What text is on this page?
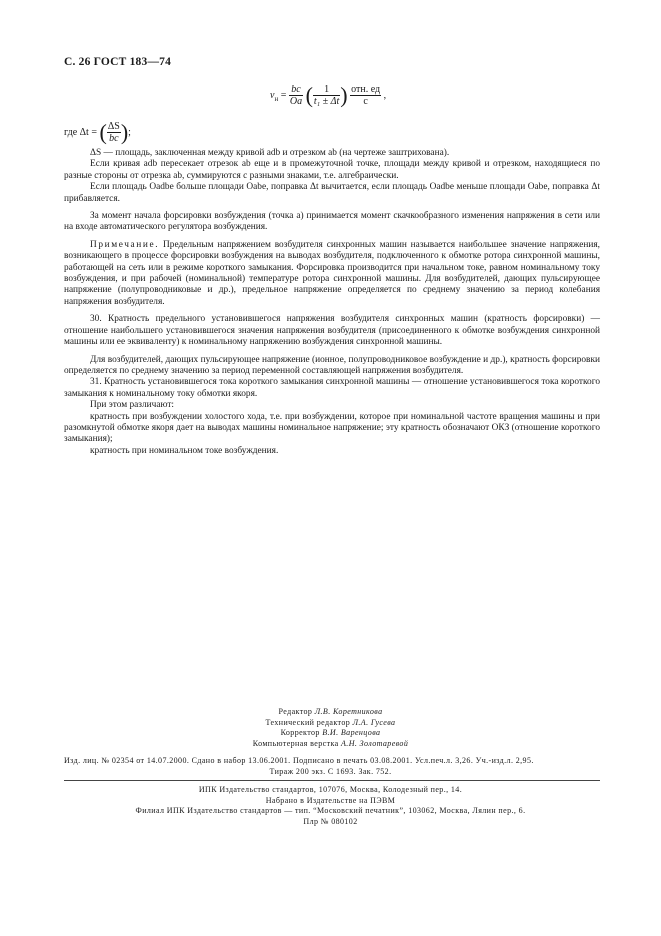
С. 26 ГОСТ 183—74
$v_н = \frac{bc}{Oa}$ ( $\frac{1}{\text{t₁ ± Δt}}$ ) $\frac{\text{отн. ед}}{с}$ ,
где Δt = ( $\frac{\Delta S}{bc}$ );

ΔS — площадь, заключенная между кривой adb и отрезком ab (на чертеже заштрихована).

Если кривая adb пересекает отрезок ab еще и в промежуточной точке, площади между кривой и отрезком, находящиеся по разные стороны от отрезка ab, суммируются с разными знаками, т.е. алгебраически.

Если площадь Oadbe больше площади Oabe, поправка Δt вычитается, если площадь Oadbe меньше площади Oabe, поправка Δt прибавляется.

За момент начала форсировки возбуждения (точка a) принимается момент скачкообразного изменения напряжения в сети или на входе автоматического регулятора возбуждения.

Примечание. Предельным напряжением возбудителя синхронных машин называется наибольшее значение напряжения, возникающего в процессе форсировки возбуждения на выводах возбудителя, подключенного к обмотке ротора синхронной машины, работающей на сеть или в режиме короткого замыкания. Форсировка производится при начальном токе, равном номинальному току возбуждения, и при рабочей (номинальной) температуре ротора синхронной машины. Для возбудителей, дающих пульсирующее напряжение (полупроводниковые и др.), предельное напряжение определяется по среднему значению за период колебания напряжения возбудителя.

30. Кратность предельного установившегося напряжения возбудителя синхронных машин (кратность форсировки) — отношение наибольшего установившегося значения напряжения возбудителя (присоединенного к обмотке возбуждения синхронной машины или ее эквиваленту) к номинальному напряжению возбуждения синхронной машины.

Для возбудителей, дающих пульсирующее напряжение (ионное, полупроводниковое возбуждение и др.), кратность форсировки определяется по среднему значению за период переменной составляющей напряжения возбудителя.

31. Кратность установившегося тока короткого замыкания синхронной машины — отношение установившегося тока короткого замыкания к номинальному току обмотки якоря.

При этом различают:

кратность при возбуждении холостого хода, т.е. при возбуждении, которое при номинальной частоте вращения машины и при разомкнутой обмотке якоря дает на выводах машины номинальное напряжение; эту кратность обозначают ОКЗ (отношение короткого замыкания);

кратность при номинальном токе возбуждения.

Редактор Л.В. Коретникова
Технический редактор Л.А. Гусева
Корректор В.И. Варенцова
Компьютерная верстка А.Н. Золотаревой
Изд. лиц. № 02354 от 14.07.2000. Сдано в набор 13.06.2001. Подписано в печать 03.08.2001. Усл.печ.л. 3,26. Уч.-изд.л. 2,95.
Тираж 200 экз. С 1693. Зак. 752.
ИПК Издательство стандартов, 107076, Москва, Колодезный пер., 14.
Набрано в Издательстве на ПЭВМ
Филиал ИПК Издательство стандартов — тип. “Московский печатник”, 103062, Москва, Лялин пер., 6.
Плр № 080102
